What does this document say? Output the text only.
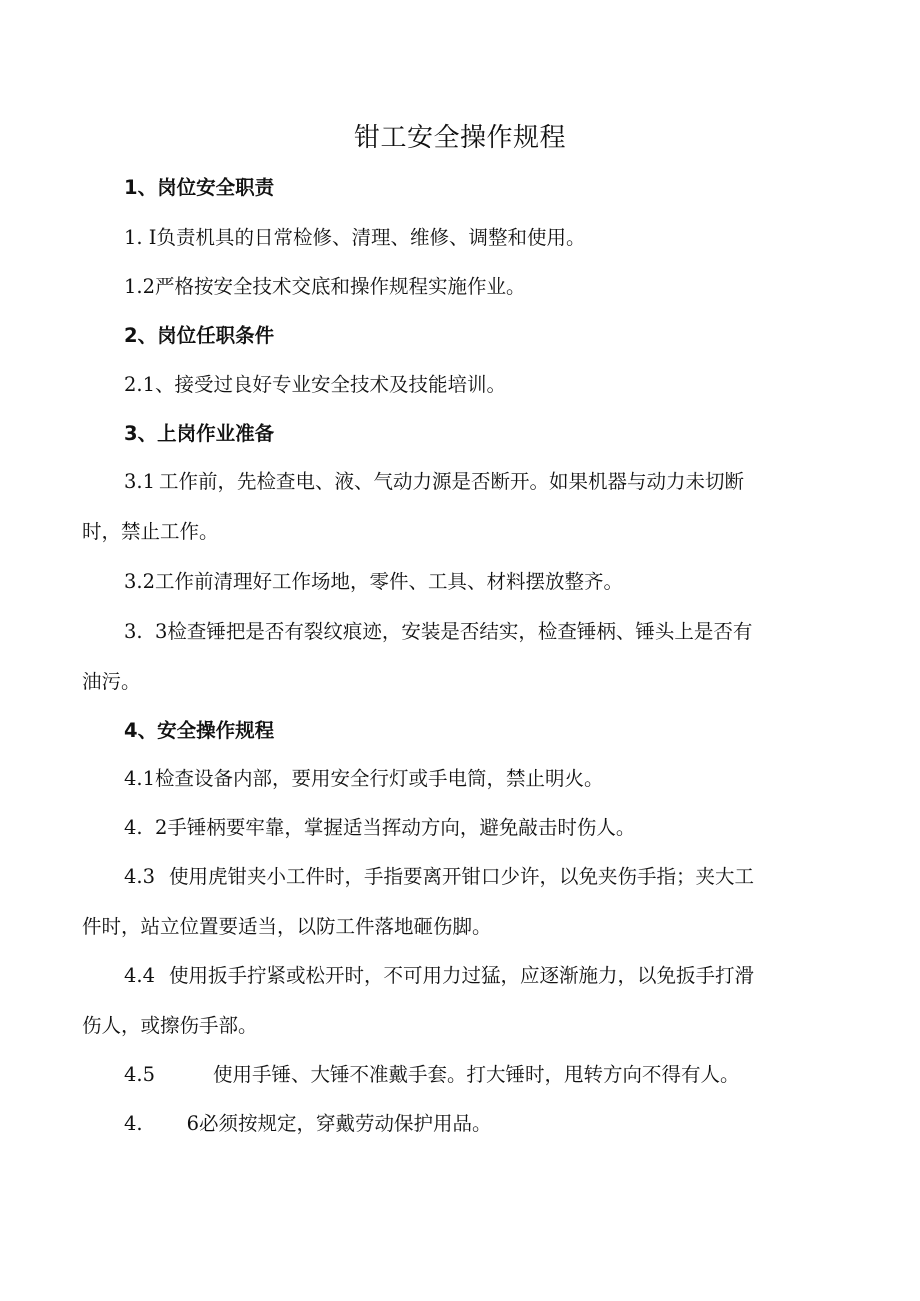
钳工安全操作规程
1、岗位安全职责
1. I负责机具的日常检修、清理、维修、调整和使用。
1.2严格按安全技术交底和操作规程实施作业。
2、岗位任职条件
2.1、接受过良好专业安全技术及技能培训。
3、上岗作业准备
3.1 工作前，先检查电、液、气动力源是否断开。如果机器与动力未切断
时，禁止工作。
3.2工作前清理好工作场地，零件、工具、材料摆放整齐。
3.  3检查锤把是否有裂纹痕迹，安装是否结实，检查锤柄、锤头上是否有
油污。
4、安全操作规程
4.1检查设备内部，要用安全行灯或手电筒，禁止明火。
4.  2手锤柄要牢靠，掌握适当挥动方向，避免敲击时伤人。
4.3 使用虎钳夹小工件时，手指要离开钳口少许，以免夹伤手指；夹大工
件时，站立位置要适当，以防工件落地砸伤脚。
4.4 使用扳手拧紧或松开时，不可用力过猛，应逐渐施力，以免扳手打滑
伤人，或擦伤手部。
4.5	使用手锤、大锤不准戴手套。打大锤时，甩转方向不得有人。
4. 6必须按规定，穿戴劳动保护用品。
